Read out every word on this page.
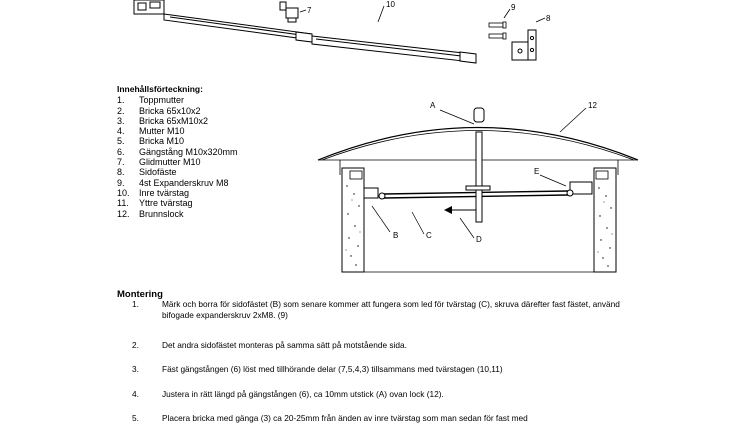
7
10	9
8
A	12
E
B	C	D
Innehållsförteckning:
1.	Toppmutter
2.	Bricka 65x10x2
3.	Bricka 65xM10x2
4.	Mutter M10
5.	Bricka M10
6.	Gängstång M10x320mm
7.	Glidmutter M10
8.	Sidofäste
9.	4st Expanderskruv M8
10.	Inre tvärstag
11.	Yttre tvärstag
12.	Brunnslock
Montering
1.	Märk och borra för sidofästet (B) som senare kommer att fungera som led för tvärstag (C), skruva därefter fast fästet, använd bifogade expanderskruv 2xM8. (9)
2.	Det andra sidofästet monteras på samma sätt på motstående sida.
3.	Fäst gängstången (6) löst med tillhörande delar (7,5,4,3) tillsammans med tvärstagen (10,11)
4.	Justera in rätt längd på gängstången (6), ca 10mm utstick (A) ovan lock (12).
5.	Placera bricka med gänga (3) ca 20-25mm från änden av inre tvärstag som man sedan för fast med
